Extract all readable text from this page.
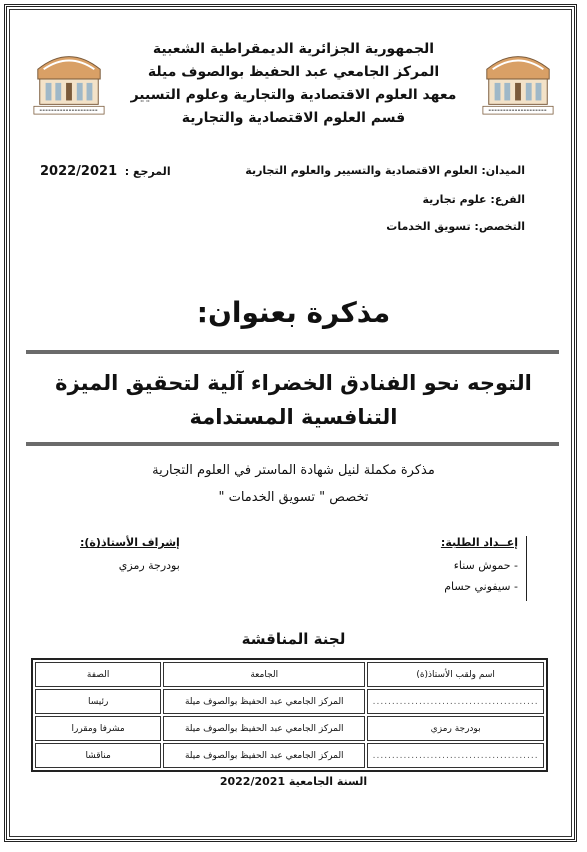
الجمهورية الجزائرية الديمقراطية الشعبية
المركز الجامعي عبد الحفيظ بوالصوف ميلة
معهد العلوم الاقتصادية والتجارية وعلوم التسيير
قسم العلوم الاقتصادية والتجارية
الميدان: العلوم الاقتصادية والتسيير والعلوم التجارية
المرجع :  2022/2021
الفرع: علوم تجارية
التخصص: تسويق الخدمات
مذكرة بعنوان:
التوجه نحو الفنادق الخضراء آلية لتحقيق الميزة
التنافسية المستدامة
مذكرة مكملة لنيل شهادة الماستر في العلوم التجارية
تخصص " تسويق الخدمات "
إعــداد الطلبة:
- حموش سناء
- سيفوني حسام
إشراف الأستاذ(ة):
بودرجة رمزي
لجنة المناقشة
اسم ولقب الأستاذ(ة)	الجامعة	الصفة
...........................................	المركز الجامعي عبد الحفيظ بوالصوف ميلة	رئيسا
بودرجة رمزي	المركز الجامعي عبد الحفيظ بوالصوف ميلة	مشرفا ومقررا
...........................................	المركز الجامعي عبد الحفيظ بوالصوف ميلة	مناقشا
السنة الجامعية 2022/2021
